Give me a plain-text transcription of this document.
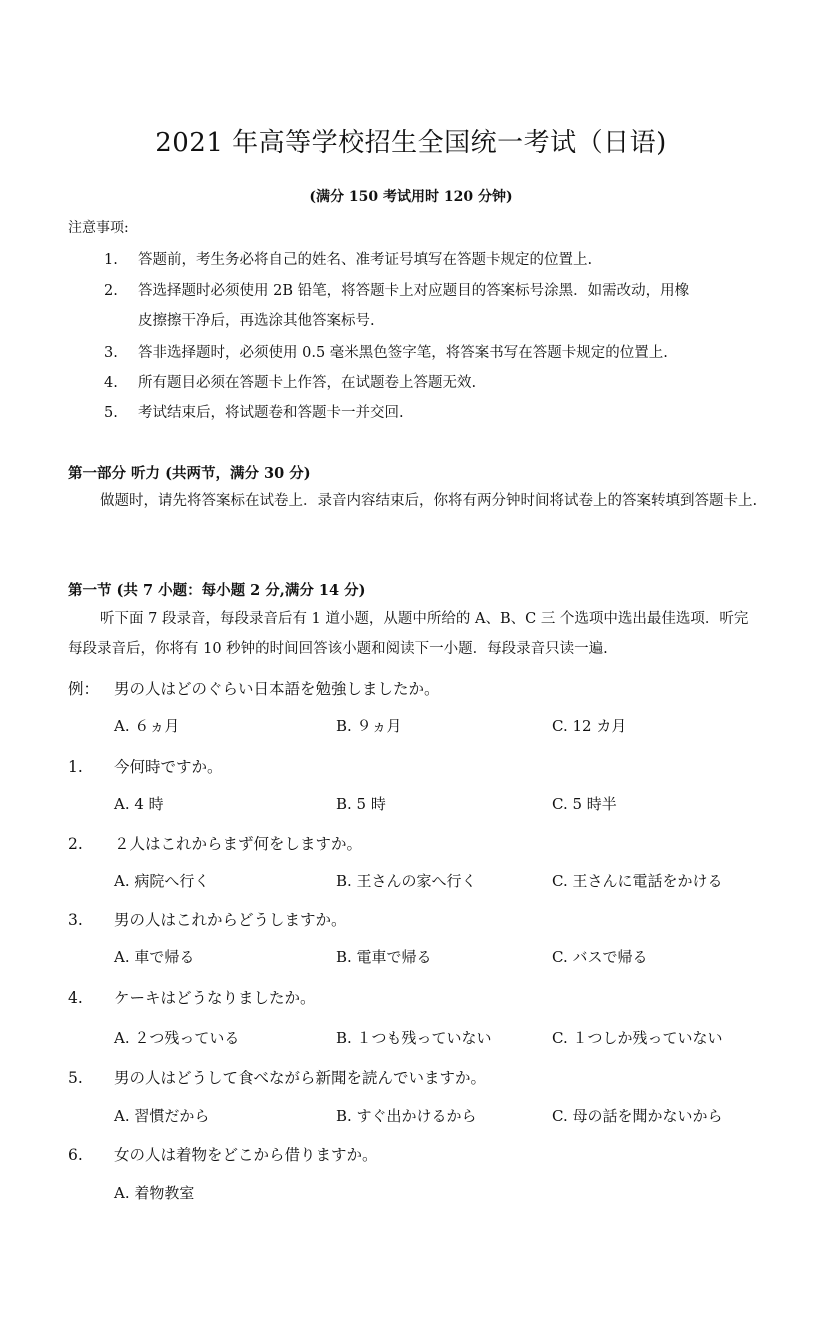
2021 年高等学校招生全国统一考试（日语)
(满分 150 考试用时 120 分钟)
注意事项:
1. 答题前，考生务必将自己的姓名、准考证号填写在答题卡规定的位置上.
2. 答选择题时必须使用 2B 铅笔，将答题卡上对应题目的答案标号涂黑．如需改动，用橡
皮擦擦干净后，再选涂其他答案标号.
3. 答非选择题时，必须使用 0.5 毫米黑色签字笔，将答案书写在答题卡规定的位置上.
4. 所有题目必须在答题卡上作答，在试题卷上答题无效.
5. 考试结束后，将试题卷和答题卡一并交回.
第一部分 听力 (共两节，满分 30 分)
做题时，请先将答案标在试卷上．录音内容结束后，你将有两分钟时间将试卷上的答案转填到答题卡上.
第一节 (共 7 小题：每小题 2 分,满分 14 分)
听下面 7 段录音，每段录音后有 1 道小题，从题中所给的 A、B、C 三 个选项中选出最佳选项．听完每段录音后，你将有 10 秒钟的时间回答该小题和阅读下一小题．每段录音只读一遍.
例： 男の人はどのぐらい日本語を勉強しましたか。
A. ６ヵ月	B. ９ヵ月	C. 12 カ月
1. 今何時ですか。
A. 4 時	B. 5 時	C. 5 時半
2. ２人はこれからまず何をしますか。
A. 病院へ行く	B. 王さんの家へ行く	C. 王さんに電話をかける
3. 男の人はこれからどうしますか。
A. 車で帰る	B. 電車で帰る	C. バスで帰る
4. ケーキはどうなりましたか。
A. ２つ残っている	B. １つも残っていない	C. １つしか残っていない
5. 男の人はどうして食べながら新聞を読んでいますか。
A. 習慣だから	B. すぐ出かけるから	C. 母の話を聞かないから
6. 女の人は着物をどこから借りますか。
A. 着物教室
